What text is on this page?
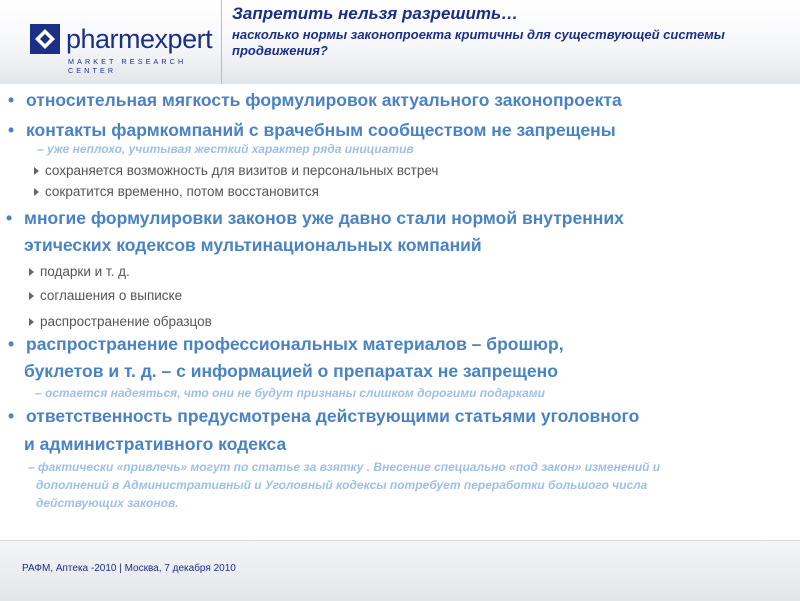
pharmexpert
MARKET RESEARCH CENTER
Запретить нельзя разрешить…
насколько нормы законопроекта критичны для существующей системы продвижения?
• относительная мягкость формулировок актуального законопроекта
• контакты фармкомпаний с врачебным сообществом не запрещены
– уже неплохо, учитывая жесткий характер ряда инициатив
сохраняется возможность для визитов и персональных встреч
сократится временно, потом восстановится
• многие формулировки законов уже давно стали нормой внутренних
этических кодексов мультинациональных компаний
подарки и т. д.
соглашения о выписке
распространение образцов
• распространение профессиональных материалов – брошюр,
буклетов и т. д. – с информацией о препаратах не запрещено
– остается надеяться, что они не будут признаны слишком дорогими подарками
• ответственность предусмотрена действующими статьями уголовного
и административного кодекса
– фактически «привлечь» могут по статье за взятку . Внесение специально «под закон» изменений и
дополнений в Административный и Уголовный кодексы потребует переработки большого числа
действующих законов.
РАФМ, Аптека -2010 | Москва, 7 декабря 2010
